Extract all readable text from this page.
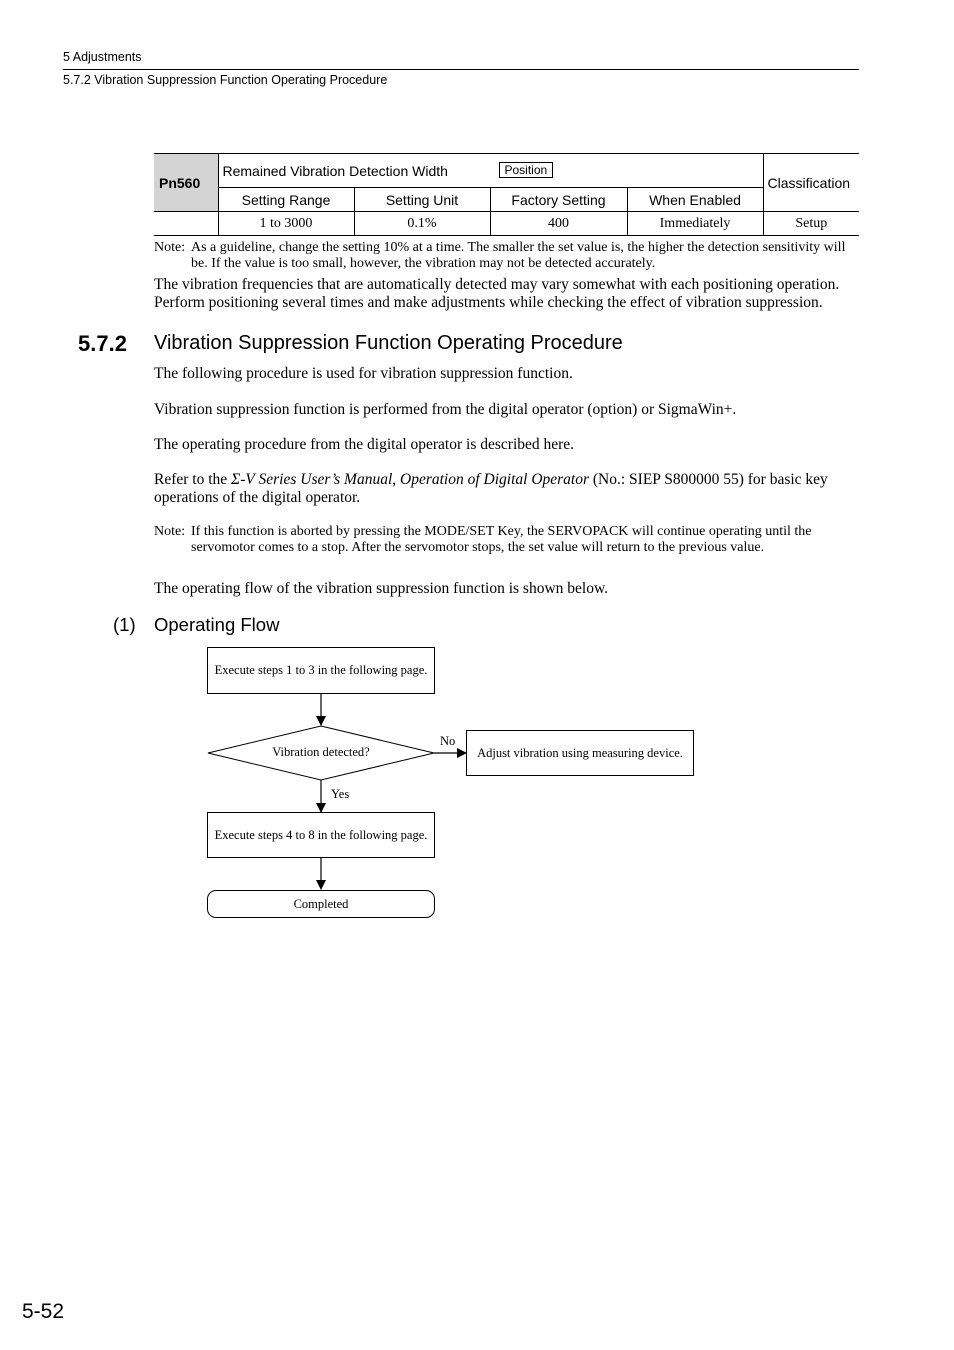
5 Adjustments
5.7.2 Vibration Suppression Function Operating Procedure
Pn560	Remained Vibration Detection Width Position				Classification
	Setting Range	Setting Unit	Factory Setting	When Enabled	
	1 to 3000	0.1%	400	Immediately	Setup
Note: As a guideline, change the setting 10% at a time. The smaller the set value is, the higher the detection sensitivity will be. If the value is too small, however, the vibration may not be detected accurately.
The vibration frequencies that are automatically detected may vary somewhat with each positioning operation. Perform positioning several times and make adjustments while checking the effect of vibration suppression.
5.7.2 Vibration Suppression Function Operating Procedure
The following procedure is used for vibration suppression function.
Vibration suppression function is performed from the digital operator (option) or SigmaWin+.
The operating procedure from the digital operator is described here.
Refer to the Σ-V Series User’s Manual, Operation of Digital Operator (No.: SIEP S800000 55) for basic key operations of the digital operator.
Note: If this function is aborted by pressing the MODE/SET Key, the SERVOPACK will continue operating until the servomotor comes to a stop. After the servomotor stops, the set value will return to the previous value.
The operating flow of the vibration suppression function is shown below.
(1) Operating Flow
Execute steps 1 to 3 in the following page.
Vibration detected?
No
Adjust vibration using measuring device.
Yes
Execute steps 4 to 8 in the following page.
Completed
5-52
